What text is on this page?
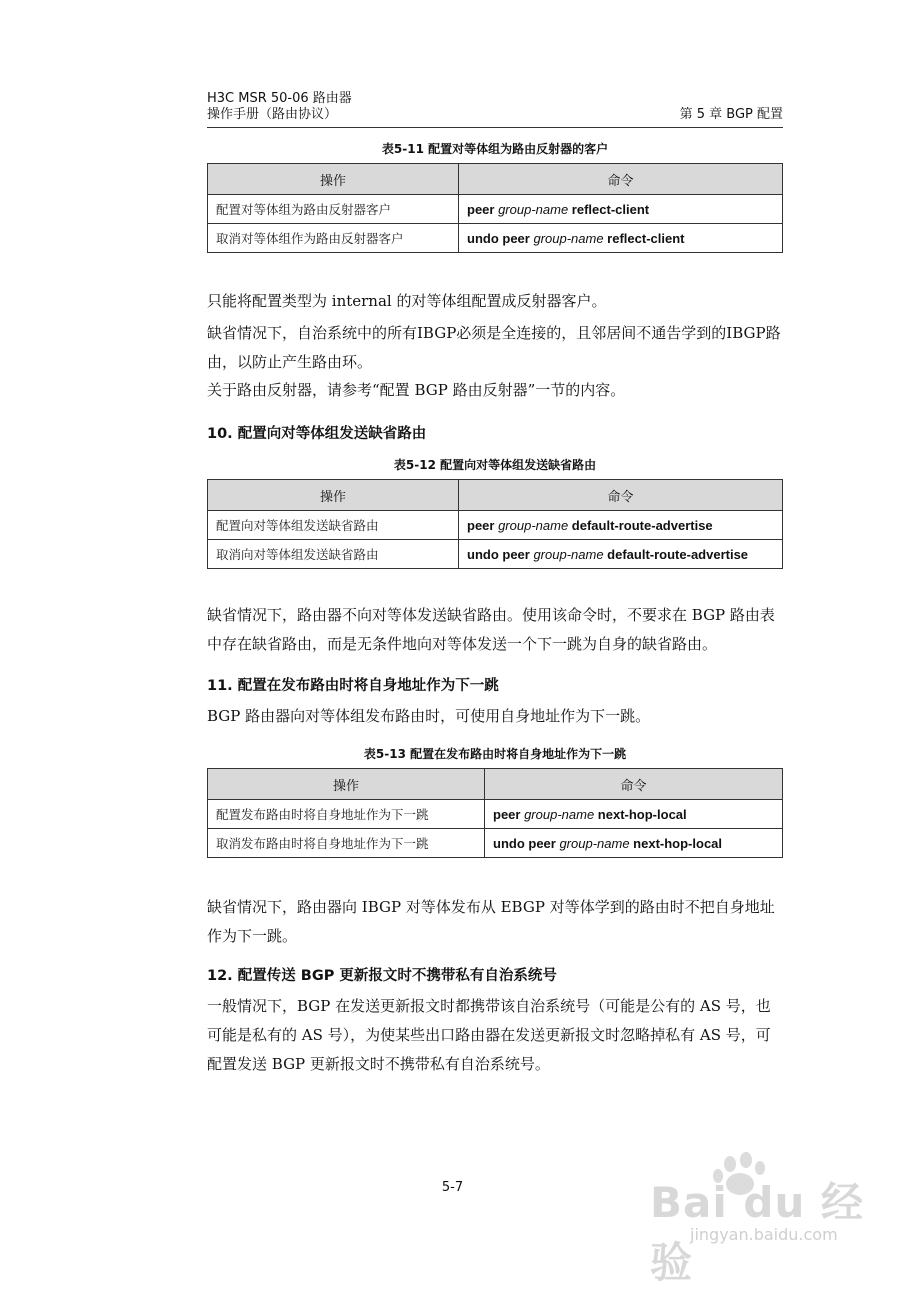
H3C MSR 50-06 路由器
操作手册（路由协议）	第 5 章 BGP 配置
表5-11 配置对等体组为路由反射器的客户
操作	命令
配置对等体组为路由反射器客户	peer group-name reflect-client
取消对等体组作为路由反射器客户	undo peer group-name reflect-client
只能将配置类型为 internal 的对等体组配置成反射器客户。
缺省情况下，自治系统中的所有IBGP必须是全连接的，且邻居间不通告学到的IBGP路由，以防止产生路由环。
关于路由反射器，请参考“配置 BGP 路由反射器”一节的内容。
10. 配置向对等体组发送缺省路由
表5-12 配置向对等体组发送缺省路由
操作	命令
配置向对等体组发送缺省路由	peer group-name default-route-advertise
取消向对等体组发送缺省路由	undo peer group-name default-route-advertise
缺省情况下，路由器不向对等体发送缺省路由。使用该命令时，不要求在 BGP 路由表中存在缺省路由，而是无条件地向对等体发送一个下一跳为自身的缺省路由。
11. 配置在发布路由时将自身地址作为下一跳
BGP 路由器向对等体组发布路由时，可使用自身地址作为下一跳。
表5-13 配置在发布路由时将自身地址作为下一跳
操作	命令
配置发布路由时将自身地址作为下一跳	peer group-name next-hop-local
取消发布路由时将自身地址作为下一跳	undo peer group-name next-hop-local
缺省情况下，路由器向 IBGP 对等体发布从 EBGP 对等体学到的路由时不把自身地址作为下一跳。
12. 配置传送 BGP 更新报文时不携带私有自治系统号
一般情况下，BGP 在发送更新报文时都携带该自治系统号（可能是公有的 AS 号，也可能是私有的 AS 号），为使某些出口路由器在发送更新报文时忽略掉私有 AS 号，可配置发送 BGP 更新报文时不携带私有自治系统号。
5-7	Bai du 经验
jingyan.baidu.com
